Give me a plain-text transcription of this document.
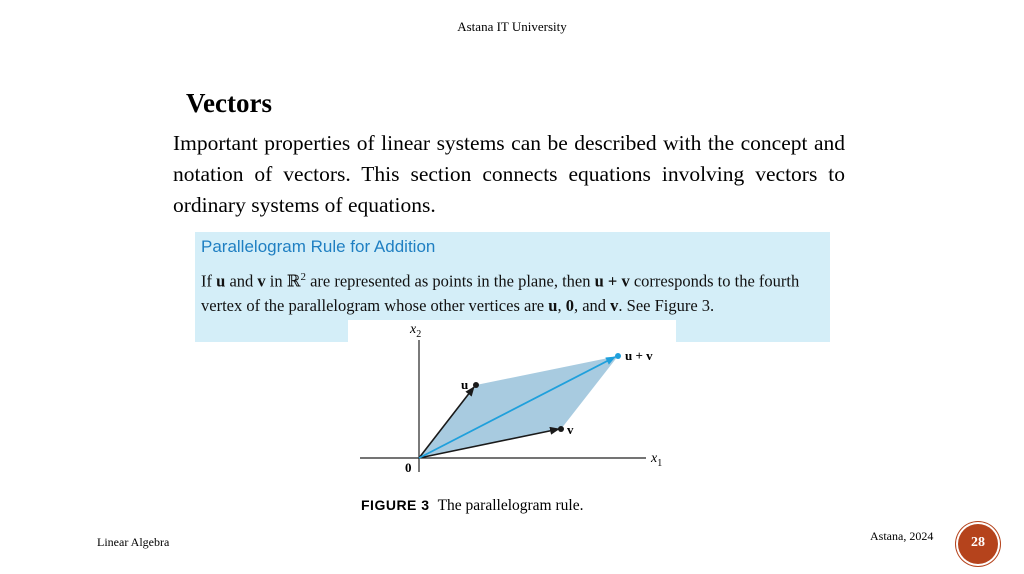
Astana IT University
Vectors
Important properties of linear systems can be described with the concept and notation of vectors. This section connects equations involving vectors to ordinary systems of equations.
Parallelogram Rule for Addition
If u and v in ℝ$^2$ are represented as points in the plane, then u + v corresponds to the fourth vertex of the parallelogram whose other vertices are u, 0, and v. See Figure 3.
$x_2$
$x_1$
0
u
v
u + v
FIGURE 3 The parallelogram rule.
Linear Algebra	Astana, 2024	28
